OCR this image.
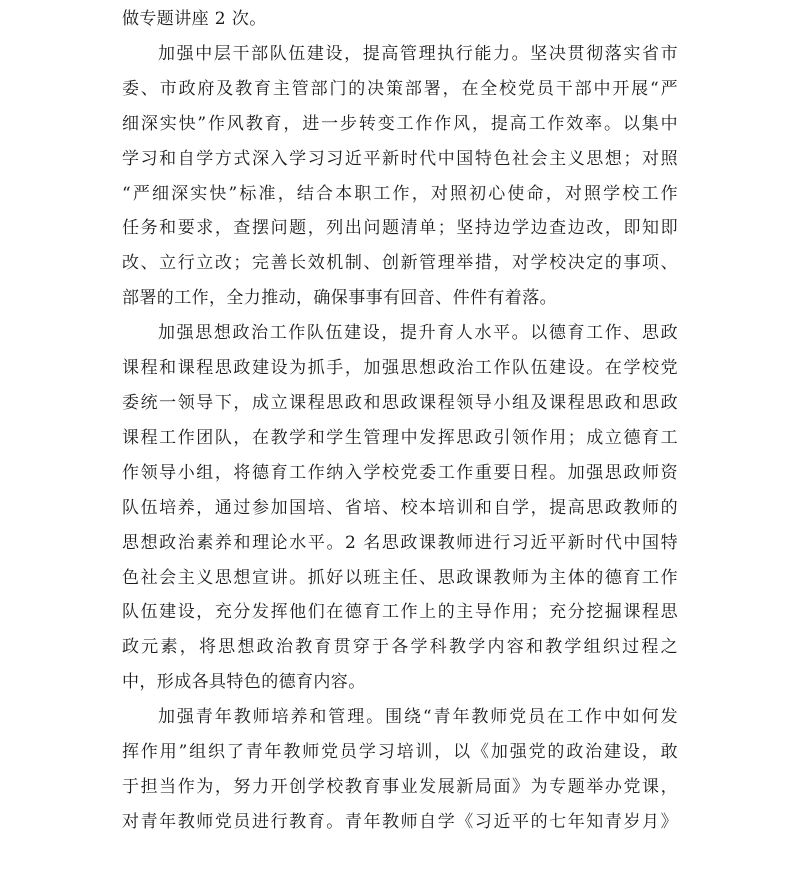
做专题讲座 2 次。

加强中层干部队伍建设，提高管理执行能力。坚决贯彻落实省市
委、市政府及教育主管部门的决策部署，在全校党员干部中开展“严
细深实快”作风教育，进一步转变工作作风，提高工作效率。以集中
学习和自学方式深入学习习近平新时代中国特色社会主义思想；对照
“严细深实快”标准，结合本职工作，对照初心使命，对照学校工作
任务和要求，查摆问题，列出问题清单；坚持边学边查边改，即知即
改、立行立改；完善长效机制、创新管理举措，对学校决定的事项、
部署的工作，全力推动，确保事事有回音、件件有着落。

加强思想政治工作队伍建设，提升育人水平。以德育工作、思政
课程和课程思政建设为抓手，加强思想政治工作队伍建设。在学校党
委统一领导下，成立课程思政和思政课程领导小组及课程思政和思政
课程工作团队，在教学和学生管理中发挥思政引领作用；成立德育工
作领导小组，将德育工作纳入学校党委工作重要日程。加强思政师资
队伍培养，通过参加国培、省培、校本培训和自学，提高思政教师的
思想政治素养和理论水平。2 名思政课教师进行习近平新时代中国特
色社会主义思想宣讲。抓好以班主任、思政课教师为主体的德育工作
队伍建设，充分发挥他们在德育工作上的主导作用；充分挖掘课程思
政元素，将思想政治教育贯穿于各学科教学内容和教学组织过程之
中，形成各具特色的德育内容。

加强青年教师培养和管理。围绕“青年教师党员在工作中如何发
挥作用”组织了青年教师党员学习培训，以《加强党的政治建设，敢
于担当作为，努力开创学校教育事业发展新局面》为专题举办党课，
对青年教师党员进行教育。青年教师自学《习近平的七年知青岁月》
